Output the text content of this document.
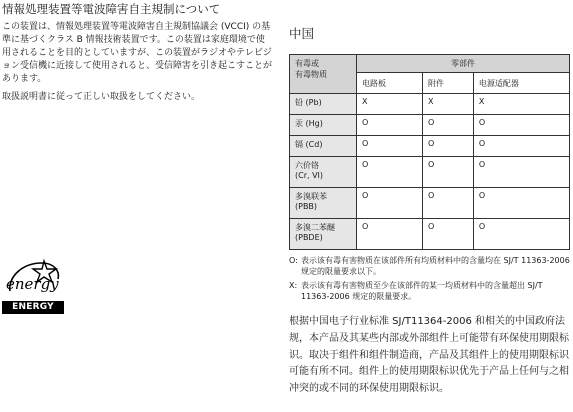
情報処理装置等電波障害自主規制について
この装置は、情報処理装置等電波障害自主規制協議会 (VCCI) の基準に基づくクラス B 情報技術装置です。この装置は家庭環境で使用されることを目的としていますが、この装置がラジオやテレビジョン受信機に近接して使用されると、受信障害を引き起こすことがあります。
取扱説明書に従って正しい取扱をしてください。
energy
ENERGY STAR
中国
有毒或
有毒物质	零部件		
	电路板	附件	电源适配器
铅 (Pb)	X	X	X
汞 (Hg)	O	O	O
镉 (Cd)	O	O	O
六价铬
(Cr, VI)	O	O	O
多溴联苯
(PBB)	O	O	O
多溴二苯醚
(PBDE)	O	O	O
O: 表示该有毒有害物质在该部件所有均质材料中的含量均在 SJ/T 11363-2006 规定的限量要求以下。
X: 表示该有毒有害物质至少在该部件的某一均质材料中的含量超出 SJ/T 11363-2006 规定的限量要求。
根据中国电子行业标准 SJ/T11364-2006 和相关的中国政府法规，本产品及其某些内部或外部组件上可能带有环保使用期限标识。取决于组件和组件制造商，产品及其组件上的使用期限标识可能有所不同。组件上的使用期限标识优先于产品上任何与之相冲突的或不同的环保使用期限标识。
